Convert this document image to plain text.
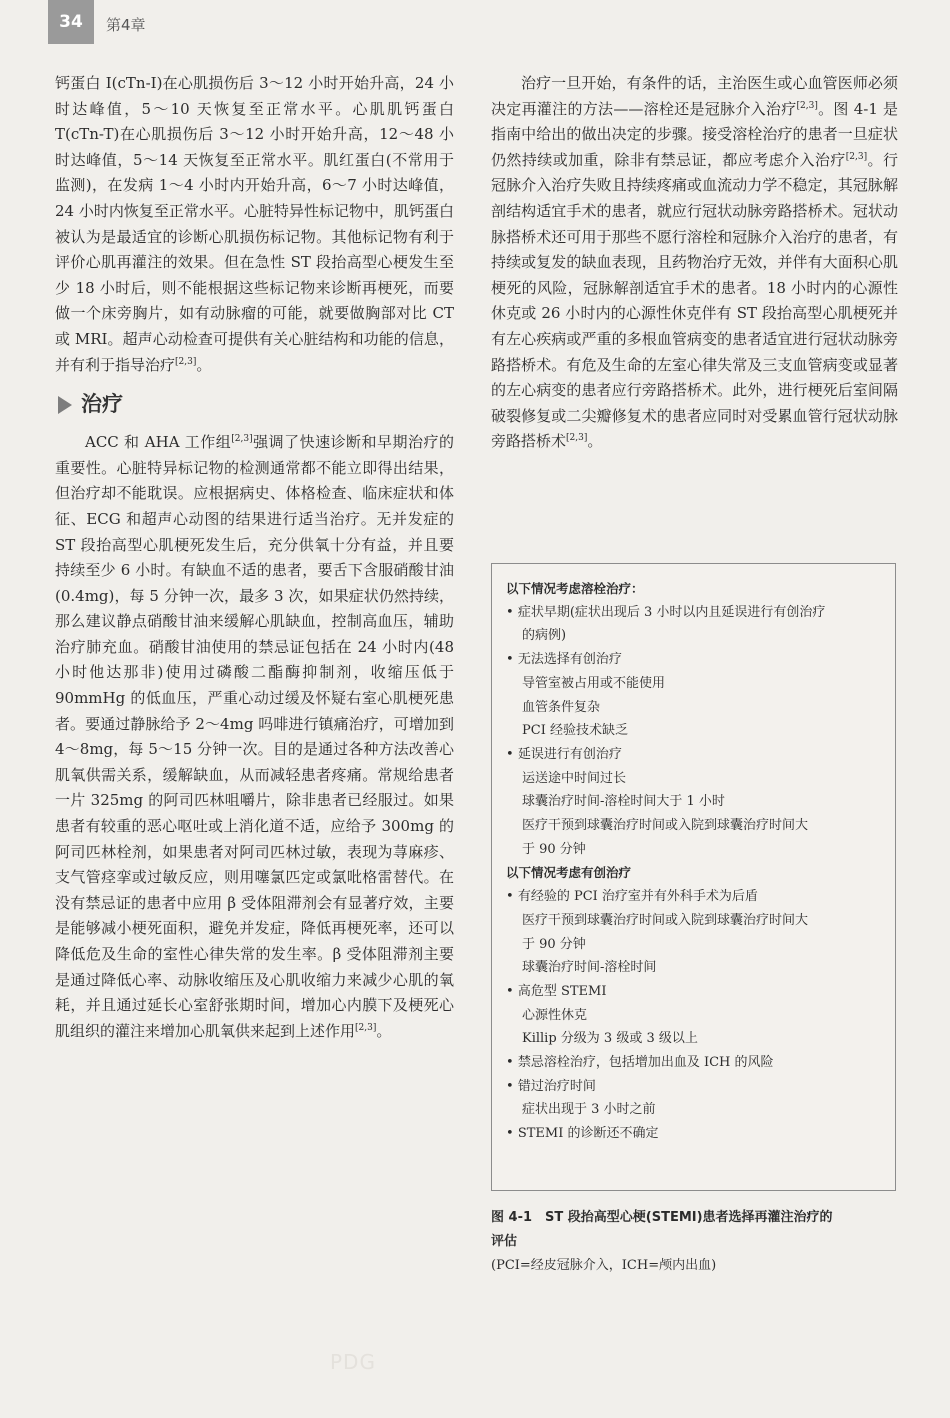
34	第4章

钙蛋白 I(cTn-I)在心肌损伤后 3～12 小时开始升高，24 小时达峰值，5～10 天恢复至正常水平。心肌肌钙蛋白 T(cTn-T)在心肌损伤后 3～12 小时开始升高，12～48 小时达峰值，5～14 天恢复至正常水平。肌红蛋白(不常用于监测)，在发病 1～4 小时内开始升高，6～7 小时达峰值，24 小时内恢复至正常水平。心脏特异性标记物中，肌钙蛋白被认为是最适宜的诊断心肌损伤标记物。其他标记物有利于评价心肌再灌注的效果。但在急性 ST 段抬高型心梗发生至少 18 小时后，则不能根据这些标记物来诊断再梗死，而要做一个床旁胸片，如有动脉瘤的可能，就要做胸部对比 CT 或 MRI。超声心动检查可提供有关心脏结构和功能的信息，并有利于指导治疗[2,3]。

治疗

ACC 和 AHA 工作组[2,3]强调了快速诊断和早期治疗的重要性。心脏特异标记物的检测通常都不能立即得出结果，但治疗却不能耽误。应根据病史、体格检查、临床症状和体征、ECG 和超声心动图的结果进行适当治疗。无并发症的 ST 段抬高型心肌梗死发生后，充分供氧十分有益，并且要持续至少 6 小时。有缺血不适的患者，要舌下含服硝酸甘油(0.4mg)，每 5 分钟一次，最多 3 次，如果症状仍然持续，那么建议静点硝酸甘油来缓解心肌缺血，控制高血压，辅助治疗肺充血。硝酸甘油使用的禁忌证包括在 24 小时内(48 小时他达那非)使用过磷酸二酯酶抑制剂，收缩压低于 90mmHg 的低血压，严重心动过缓及怀疑右室心肌梗死患者。要通过静脉给予 2～4mg 吗啡进行镇痛治疗，可增加到 4～8mg，每 5～15 分钟一次。目的是通过各种方法改善心肌氧供需关系，缓解缺血，从而减轻患者疼痛。常规给患者一片 325mg 的阿司匹林咀嚼片，除非患者已经服过。如果患者有较重的恶心呕吐或上消化道不适，应给予 300mg 的阿司匹林栓剂，如果患者对阿司匹林过敏，表现为荨麻疹、支气管痉挛或过敏反应，则用噻氯匹定或氯吡格雷替代。在没有禁忌证的患者中应用 β 受体阻滞剂会有显著疗效，主要是能够减小梗死面积，避免并发症，降低再梗死率，还可以降低危及生命的室性心律失常的发生率。β 受体阻滞剂主要是通过降低心率、动脉收缩压及心肌收缩力来减少心肌的氧耗，并且通过延长心室舒张期时间，增加心内膜下及梗死心肌组织的灌注来增加心肌氧供来起到上述作用[2,3]。

治疗一旦开始，有条件的话，主治医生或心血管医师必须决定再灌注的方法——溶栓还是冠脉介入治疗[2,3]。图 4-1 是指南中给出的做出决定的步骤。接受溶栓治疗的患者一旦症状仍然持续或加重，除非有禁忌证，都应考虑介入治疗[2,3]。行冠脉介入治疗失败且持续疼痛或血流动力学不稳定，其冠脉解剖结构适宜手术的患者，就应行冠状动脉旁路搭桥术。冠状动脉搭桥术还可用于那些不愿行溶栓和冠脉介入治疗的患者，有持续或复发的缺血表现，且药物治疗无效，并伴有大面积心肌梗死的风险，冠脉解剖适宜手术的患者。18 小时内的心源性休克或 26 小时内的心源性休克伴有 ST 段抬高型心肌梗死并有左心疾病或严重的多根血管病变的患者适宜进行冠状动脉旁路搭桥术。有危及生命的左室心律失常及三支血管病变或显著的左心病变的患者应行旁路搭桥术。此外，进行梗死后室间隔破裂修复或二尖瓣修复术的患者应同时对受累血管行冠状动脉旁路搭桥术[2,3]。

以下情况考虑溶栓治疗：
• 症状早期(症状出现后 3 小时以内且延误进行有创治疗
的病例)
• 无法选择有创治疗
导管室被占用或不能使用
血管条件复杂
PCI 经验技术缺乏
• 延误进行有创治疗
运送途中时间过长
球囊治疗时间-溶栓时间大于 1 小时
医疗干预到球囊治疗时间或入院到球囊治疗时间大
于 90 分钟
以下情况考虑有创治疗
• 有经验的 PCI 治疗室并有外科手术为后盾
医疗干预到球囊治疗时间或入院到球囊治疗时间大
于 90 分钟
球囊治疗时间-溶栓时间
• 高危型 STEMI
心源性休克
Killip 分级为 3 级或 3 级以上
• 禁忌溶栓治疗，包括增加出血及 ICH 的风险
• 错过治疗时间
症状出现于 3 小时之前
• STEMI 的诊断还不确定
图 4-1　ST 段抬高型心梗(STEMI)患者选择再灌注治疗的
评估
(PCI=经皮冠脉介入，ICH=颅内出血)
PDG
